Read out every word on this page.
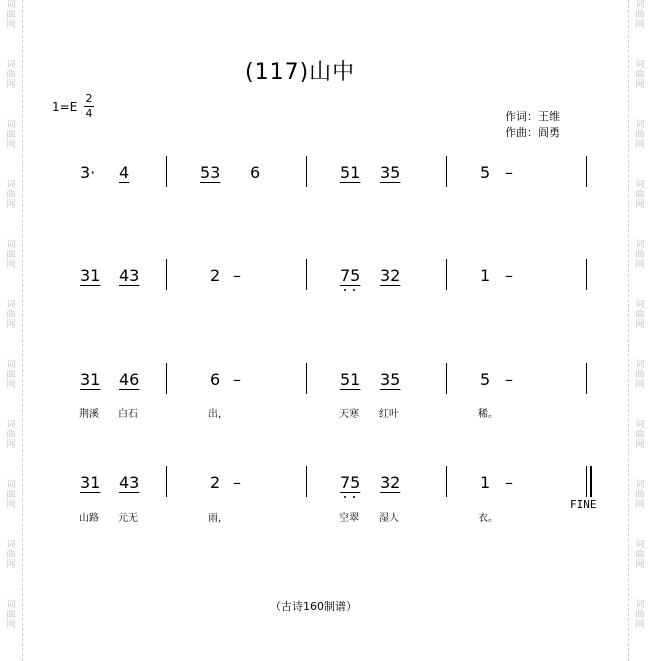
词
曲
网
词
曲
网
词
曲
网
词
曲
网
词
曲
网
词
曲
网
词
曲
网
词
曲
网
词
曲
网
词
曲
网
词
曲
网
词
曲
网
词
曲
网
词
曲
网
词
曲
网
词
曲
网
词
曲
网
词
曲
网
词
曲
网
词
曲
网
词
曲
网
词
曲
网
(117)山中
1=E
2
4	作词：王维
作曲：阎勇
3· 4	53 6	51 35	5 –
31 43	2 –	75 32	1 –
31 46	6 –	51 35	5 –
荆溪 白石	出，	天寒 红叶	稀。
31 43	2 –	75 32	1 –
FINE
山路 元无	雨，	空翠 湿人	衣。
（古诗160制谱）
